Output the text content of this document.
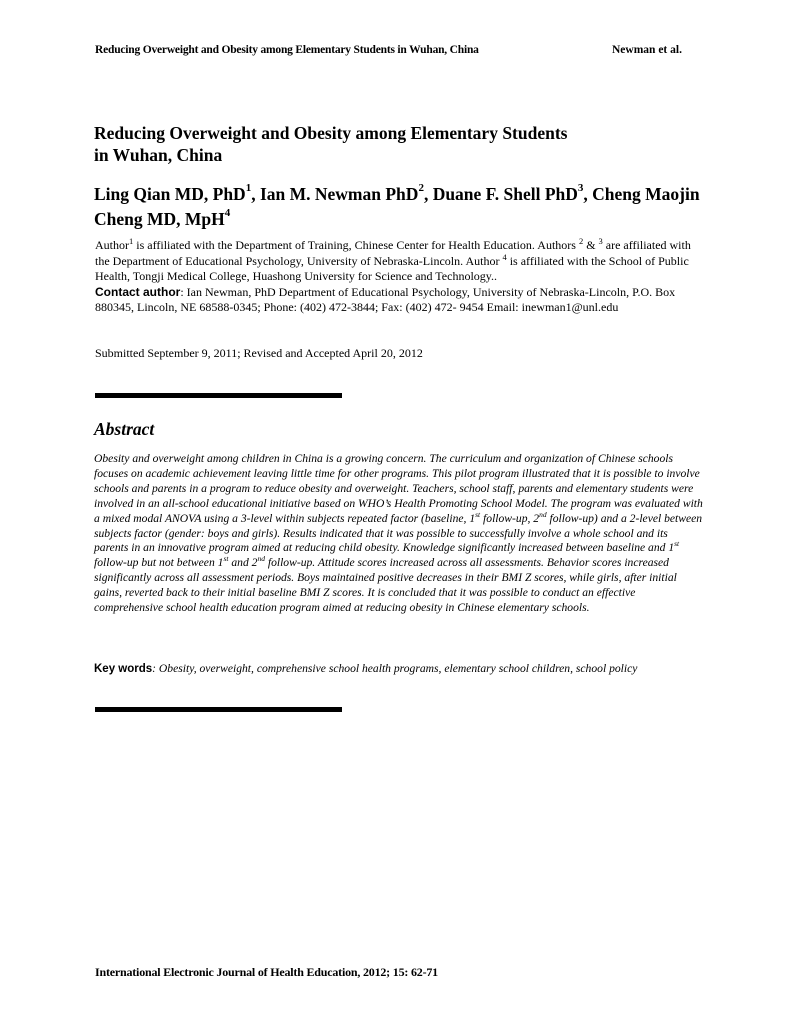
Reducing Overweight and Obesity among Elementary Students in Wuhan, China	Newman et al.
Reducing Overweight and Obesity among Elementary Students
in Wuhan, China
Ling Qian MD, PhD$^1$, Ian M. Newman PhD$^2$, Duane F. Shell PhD$^3$, Cheng Maojin Cheng MD, MpH$^4$
Author$^1$ is affiliated with the Department of Training, Chinese Center for Health Education. Authors $^2$ & $^3$ are affiliated with the Department of Educational Psychology, University of Nebraska-Lincoln. Author $^4$ is affiliated with the School of Public Health, Tongji Medical College, Huashong University for Science and Technology..
Contact author: Ian Newman, PhD Department of Educational Psychology, University of Nebraska-Lincoln, P.O. Box 880345, Lincoln, NE 68588-0345; Phone: (402) 472-3844; Fax: (402) 472- 9454 Email: inewman1@unl.edu
Submitted September 9, 2011; Revised and Accepted April 20, 2012
Abstract
Obesity and overweight among children in China is a growing concern. The curriculum and organization of Chinese schools focuses on academic achievement leaving little time for other programs. This pilot program illustrated that it is possible to involve schools and parents in a program to reduce obesity and overweight. Teachers, school staff, parents and elementary students were involved in an all-school educational initiative based on WHO’s Health Promoting School Model. The program was evaluated with a mixed modal ANOVA using a 3-level within subjects repeated factor (baseline, 1st follow-up, 2nd follow-up) and a 2-level between subjects factor (gender: boys and girls). Results indicated that it was possible to successfully involve a whole school and its parents in an innovative program aimed at reducing child obesity. Knowledge significantly increased between baseline and 1st follow-up but not between 1st and 2nd follow-up. Attitude scores increased across all assessments. Behavior scores increased significantly across all assessment periods. Boys maintained positive decreases in their BMI Z scores, while girls, after initial gains, reverted back to their initial baseline BMI Z scores. It is concluded that it was possible to conduct an effective comprehensive school health education program aimed at reducing obesity in Chinese elementary schools.
Key words: Obesity, overweight, comprehensive school health programs, elementary school children, school policy
International Electronic Journal of Health Education, 2012; 15: 62-71
